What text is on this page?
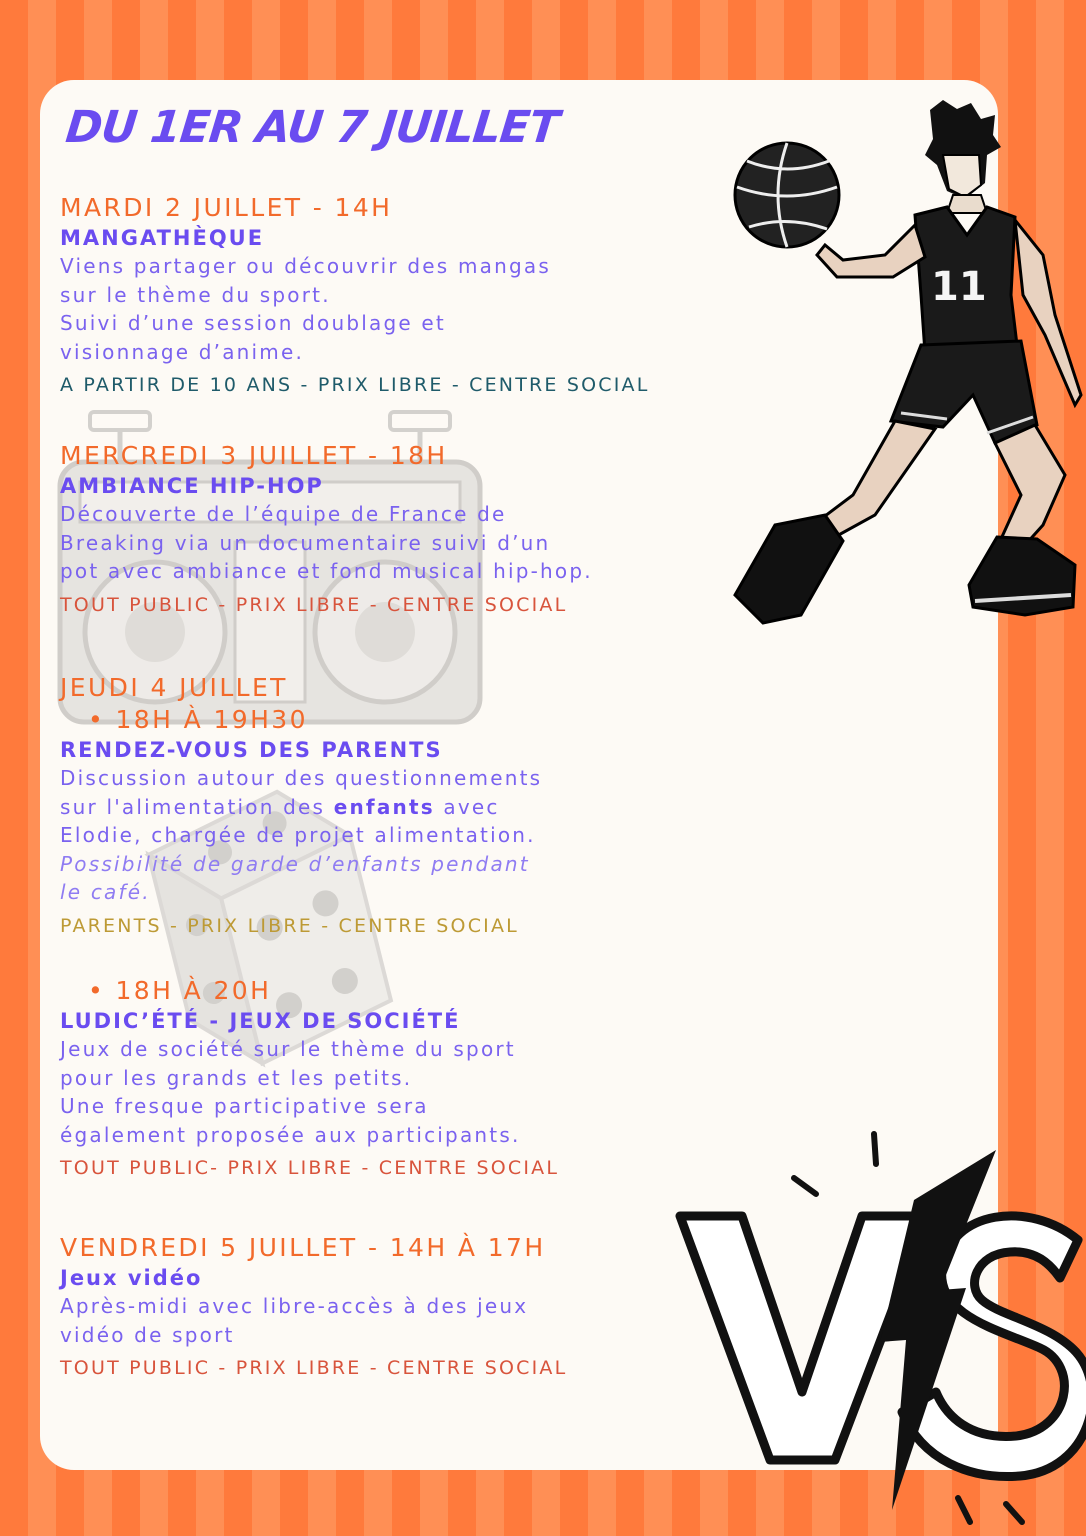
DU 1ER AU 7 JUILLET
MARDI 2 JUILLET - 14H
MANGATHÈQUE
Viens partager ou découvrir des mangas
sur le thème du sport.
Suivi d’une session doublage et
visionnage d’anime.
A PARTIR DE 10 ANS - PRIX LIBRE - CENTRE SOCIAL
MERCREDI 3 JUILLET - 18H
AMBIANCE HIP-HOP
Découverte de l’équipe de France de
Breaking via un documentaire suivi d’un
pot avec ambiance et fond musical hip-hop.
TOUT PUBLIC - PRIX LIBRE - CENTRE SOCIAL
JEUDI 4 JUILLET
• 18H À 19H30
RENDEZ-VOUS DES PARENTS
Discussion autour des questionnements
sur l'alimentation des enfants avec
Elodie, chargée de projet alimentation.
Possibilité de garde d’enfants pendant
le café.
PARENTS - PRIX LIBRE - CENTRE SOCIAL
• 18H À 20H
LUDIC’ÉTÉ - JEUX DE SOCIÉTÉ
Jeux de société sur le thème du sport
pour les grands et les petits.
Une fresque participative sera
également proposée aux participants.
TOUT PUBLIC- PRIX LIBRE - CENTRE SOCIAL
VENDREDI 5 JUILLET - 14H À 17H
Jeux vidéo
Après-midi avec libre-accès à des jeux
vidéo de sport
TOUT PUBLIC - PRIX LIBRE - CENTRE SOCIAL
11
